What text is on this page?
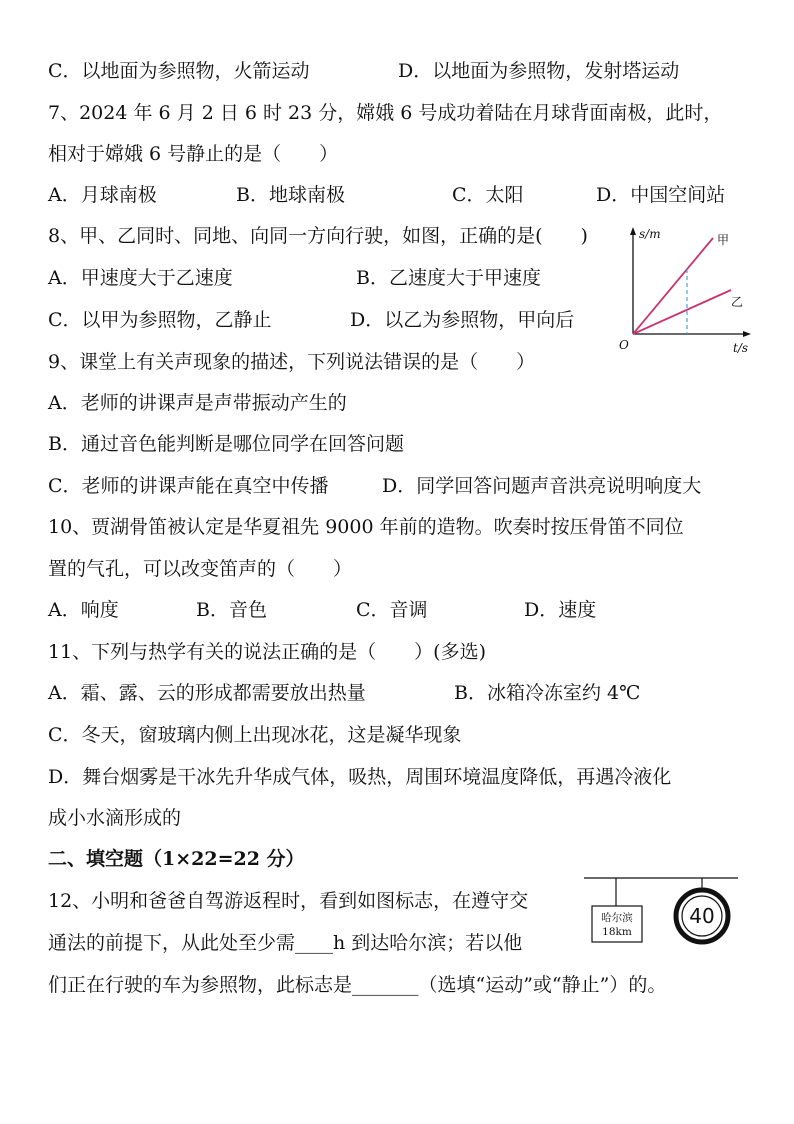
C．以地面为参照物，火箭运动	D．以地面为参照物，发射塔运动
7、2024 年 6 月 2 日 6 时 23 分，嫦娥 6 号成功着陆在月球背面南极，此时，
相对于嫦娥 6 号静止的是（　　）
A．月球南极	B．地球南极	C．太阳	D．中国空间站
8、甲、乙同时、同地、向同一方向行驶，如图，正确的是(　　)
A．甲速度大于乙速度	B．乙速度大于甲速度
C．以甲为参照物，乙静止	D．以乙为参照物，甲向后
s/m
t/s
O
甲
乙
9、课堂上有关声现象的描述，下列说法错误的是（　　）
A．老师的讲课声是声带振动产生的
B．通过音色能判断是哪位同学在回答问题
C．老师的讲课声能在真空中传播	D．同学回答问题声音洪亮说明响度大
10、贾湖骨笛被认定是华夏祖先 9000 年前的造物。吹奏时按压骨笛不同位
置的气孔，可以改变笛声的（　　）
A．响度	B．音色	C．音调	D．速度
11、下列与热学有关的说法正确的是（　　）(多选)
A．霜、露、云的形成都需要放出热量	B．冰箱冷冻室约 4℃
C．冬天，窗玻璃内侧上出现冰花，这是凝华现象
D．舞台烟雾是干冰先升华成气体，吸热，周围环境温度降低，再遇冷液化
成小水滴形成的
二、填空题（1×22=22 分）
12、小明和爸爸自驾游返程时，看到如图标志，在遵守交
通法的前提下，从此处至少需____h 到达哈尔滨；若以他
们正在行驶的车为参照物，此标志是_______（选填“运动”或“静止”）的。
哈尔滨
18km
40
